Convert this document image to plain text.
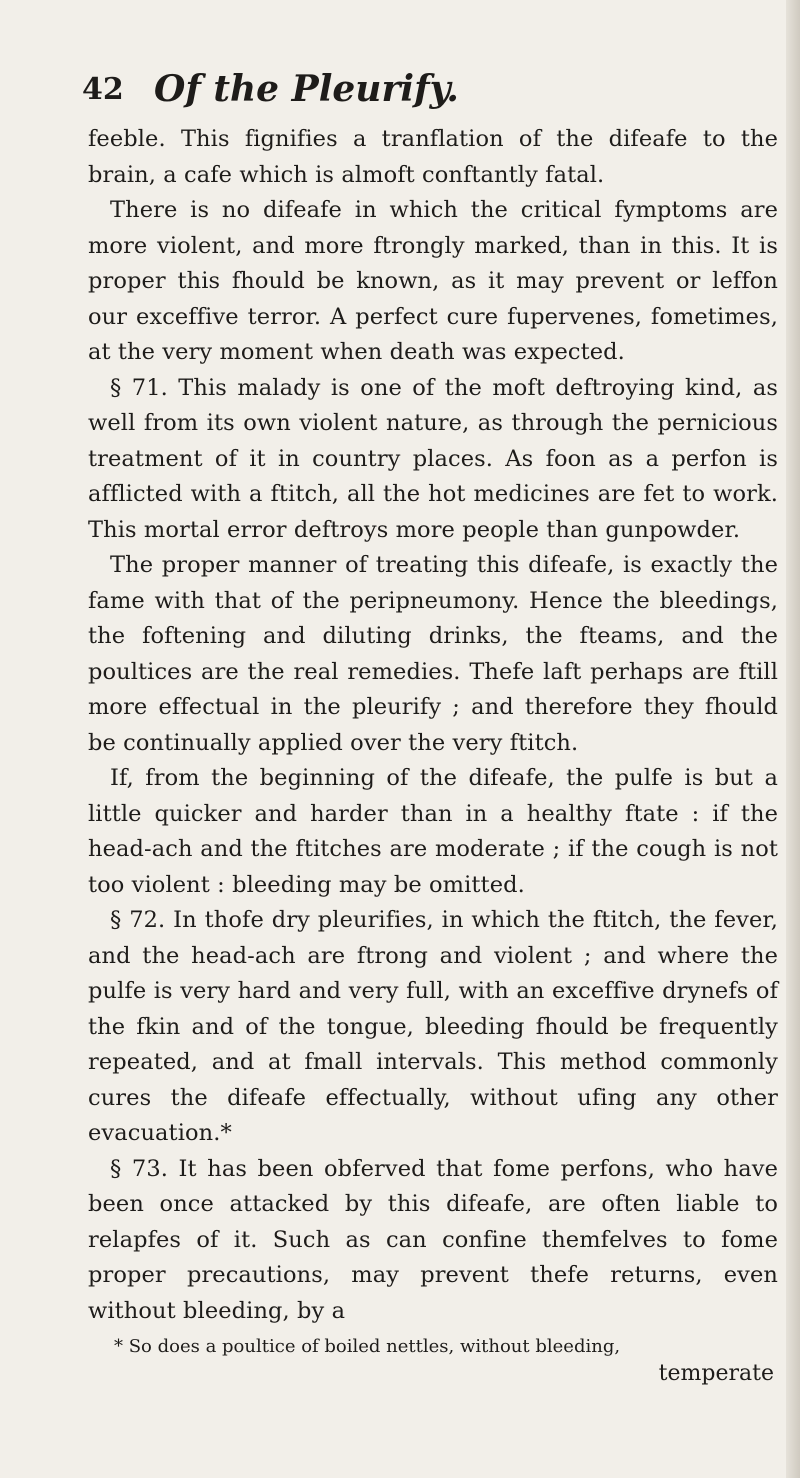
42 Of the Pleurify.

feeble. This fignifies a tranflation of the difeafe to the brain, a cafe which is almoft conftantly fatal.

There is no difeafe in which the critical fymptoms are more violent, and more ftrongly marked, than in this. It is proper this fhould be known, as it may prevent or leffon our exceffive terror. A perfect cure fupervenes, fometimes, at the very moment when death was expected.

§ 71. This malady is one of the moft deftroying kind, as well from its own violent nature, as through the pernicious treatment of it in country places. As foon as a perfon is afflicted with a ftitch, all the hot medicines are fet to work. This mortal error deftroys more people than gunpowder.

The proper manner of treating this difeafe, is exactly the fame with that of the peripneumony. Hence the bleedings, the foftening and diluting drinks, the fteams, and the poultices are the real remedies. Thefe laft perhaps are ftill more effectual in the pleurify ; and therefore they fhould be continually applied over the very ftitch.

If, from the beginning of the difeafe, the pulfe is but a little quicker and harder than in a healthy ftate : if the head-ach and the ftitches are moderate ; if the cough is not too violent : bleeding may be omitted.

§ 72. In thofe dry pleurifies, in which the ftitch, the fever, and the head-ach are ftrong and violent ; and where the pulfe is very hard and very full, with an exceffive drynefs of the fkin and of the tongue, bleeding fhould be frequently repeated, and at fmall intervals. This method commonly cures the difeafe effectually, without ufing any other evacuation.*

§ 73. It has been obferved that fome perfons, who have been once attacked by this difeafe, are often liable to relapfes of it. Such as can confine themfelves to fome proper precautions, may prevent thefe returns, even without bleeding, by a

* So does a poultice of boiled nettles, without bleeding,
temperate
